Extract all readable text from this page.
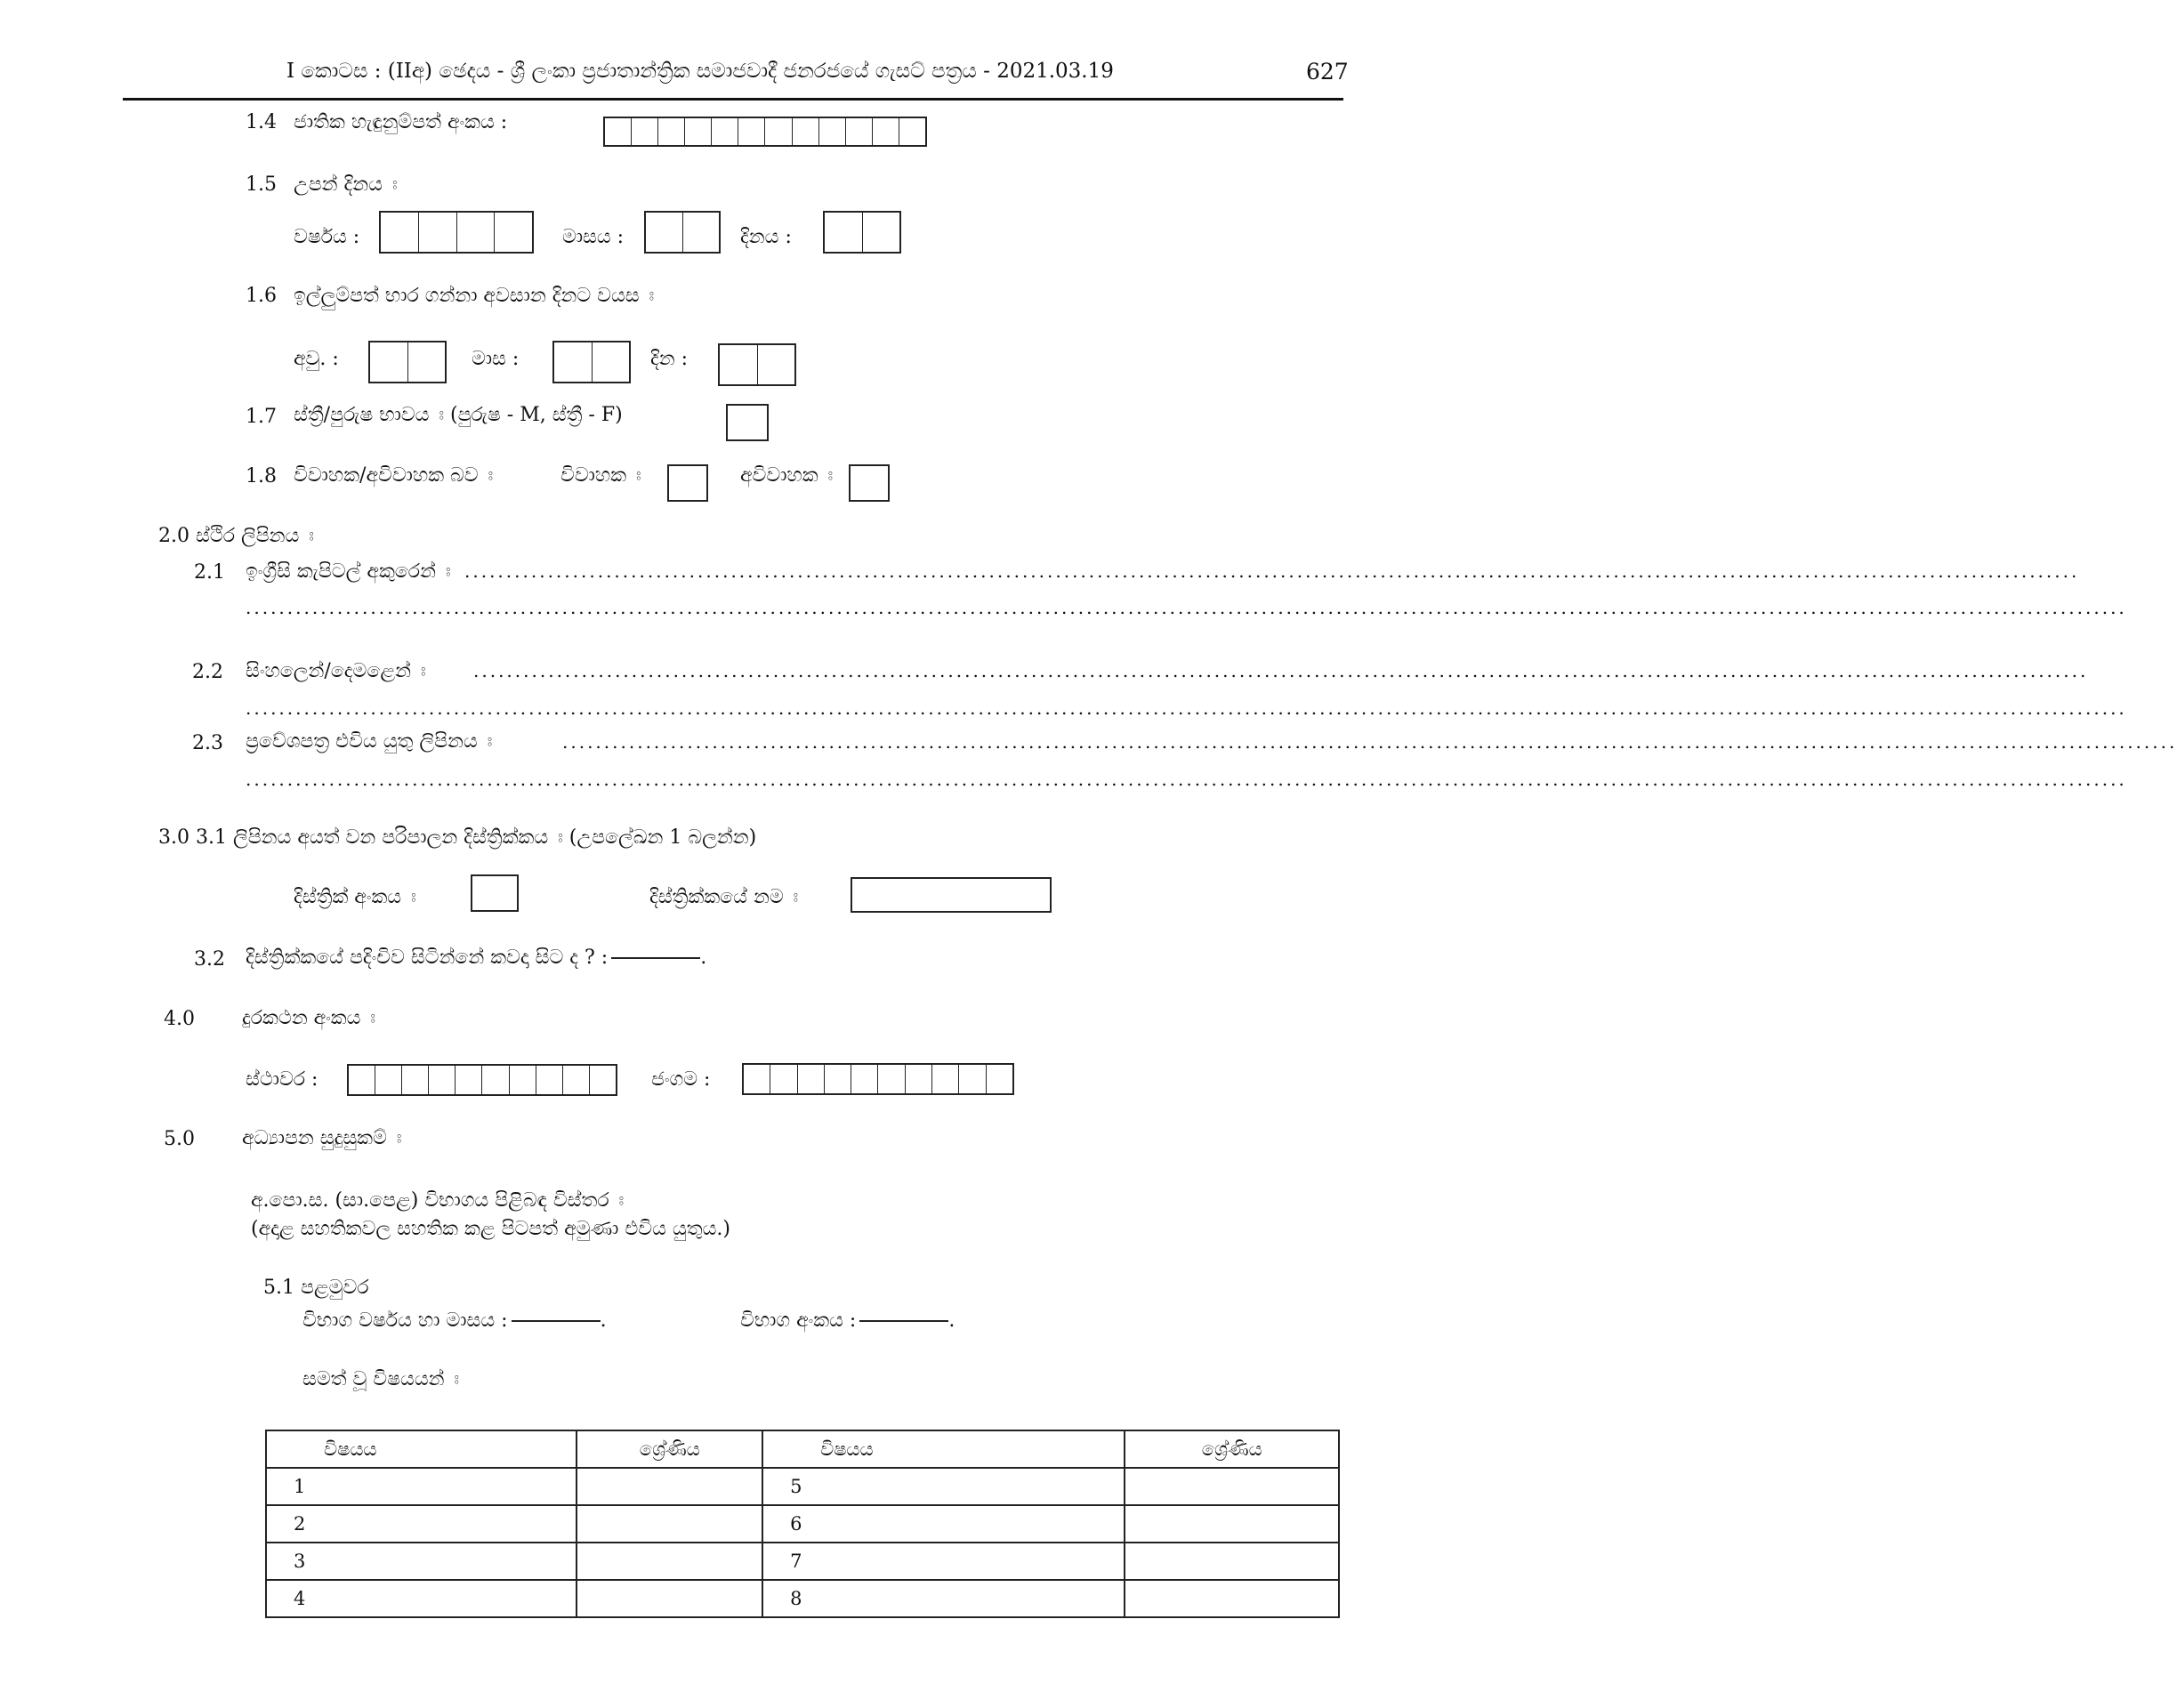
I කොටස : (IIඅ) ඡෙදය - ශ්‍රී ලංකා ප්‍රජාතාන්ත්‍රික සමාජවාදී ජනරජයේ ගැසට් පත්‍රය - 2021.03.19	627
1.4 ජාතික හැඳුනුම්පත් අංකය :
1.5 උපන් දිනය ඃ
වර්ෂය :	මාසය :	දිනය :
1.6 ඉල්ලුම්පත් භාර ගන්නා අවසාන දිනට වයස ඃ
අවු. :	මාස :	දින :
1.7 ස්ත්‍රී/පුරුෂ භාවය ඃ (පුරුෂ - M, ස්ත්‍රී - F)
1.8 විවාහක/අවිවාහක බව ඃ	විවාහක ඃ	අවිවාහක ඃ
2.0 ස්ථිර ලිපිනය ඃ
2.1 ඉංග්‍රීසි කැපිටල් අකුරෙන් ඃ ..................................................................................................................................................................................................
..................................................................................................................................................................................................................................
2.2 සිංහලෙන්/දෙමළෙන් ඃ	..................................................................................................................................................................................................
..................................................................................................................................................................................................................................
2.3 ප්‍රවේශපත්‍ර එවිය යුතු ලිපිනය ඃ	..................................................................................................................................................................................................
..................................................................................................................................................................................................................................
3.0 3.1 ලිපිනය අයත් වන පරිපාලන දිස්ත්‍රික්කය ඃ (උපලේඛන 1 බලන්න)
දිස්ත්‍රික් අංකය ඃ	දිස්ත්‍රික්කයේ නම ඃ
3.2 දිස්ත්‍රික්කයේ පදිංචිව සිටින්නේ කවදා සිට ද ? :	.
4.0 දුරකථන අංකය ඃ
ස්ථාවර :	ජංගම :
5.0 අධ්‍යාපන සුදුසුකම් ඃ
අ.පො.ස. (සා.පෙළ) විභාගය පිළිබඳ විස්තර ඃ
(අදාළ සහතිකවල සහතික කළ පිටපත් අමුණා එවිය යුතුය.)
5.1 පළමුවර
විභාග වර්ෂය හා මාසය :	.	විභාග අංකය :	.
සමත් වූ විෂයයන් ඃ
විෂයය	ශ්‍රේණිය	විෂයය	ශ්‍රේණිය
1		5	
2		6	
3		7	
4		8	
